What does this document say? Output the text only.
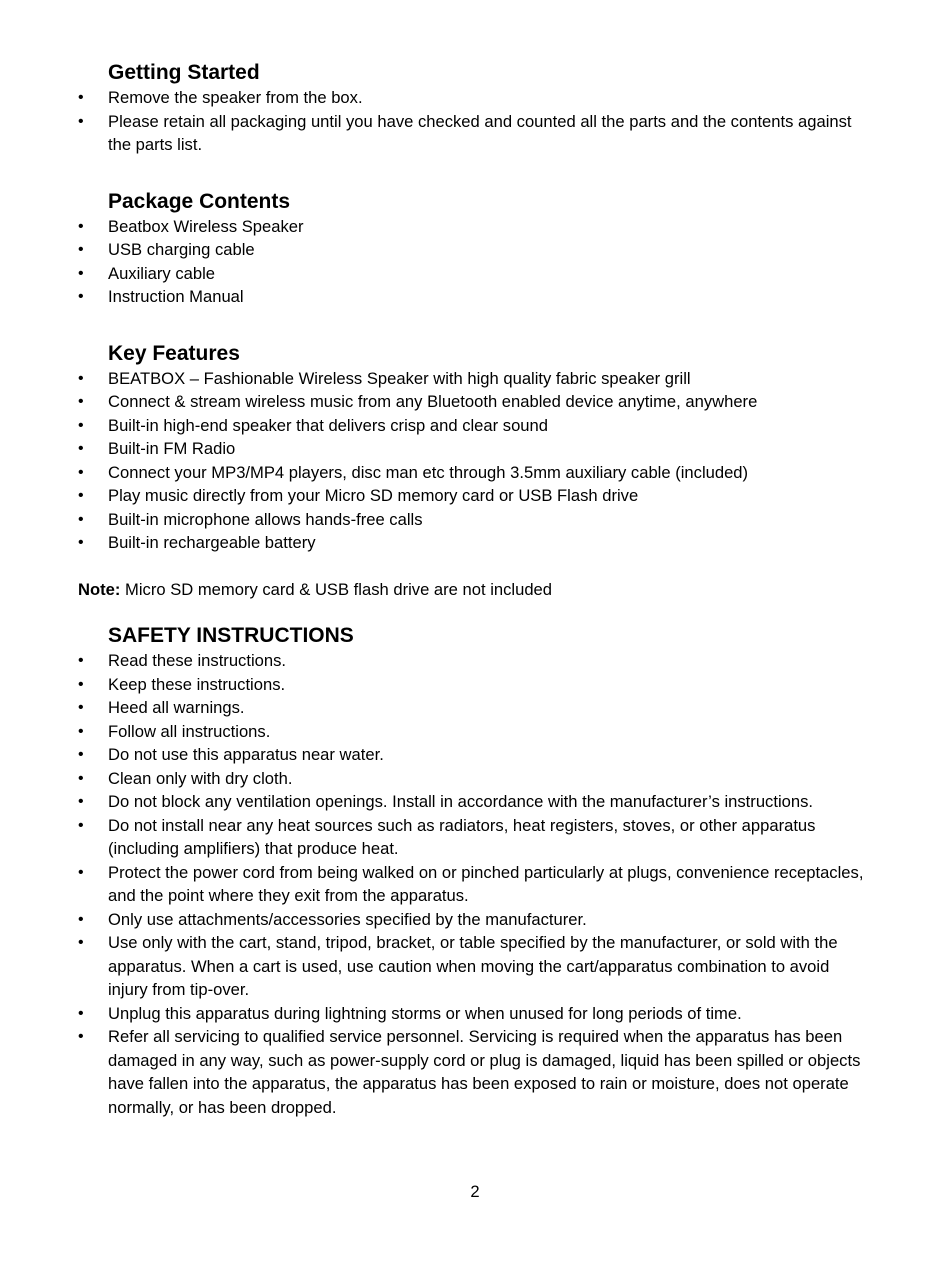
Getting Started
• Remove the speaker from the box.
• Please retain all packaging until you have checked and counted all the parts and the contents against the parts list.
Package Contents
• Beatbox Wireless Speaker
• USB charging cable
• Auxiliary cable
• Instruction Manual
Key Features
• BEATBOX – Fashionable Wireless Speaker with high quality fabric speaker grill
• Connect & stream wireless music from any Bluetooth enabled device anytime, anywhere
• Built-in high-end speaker that delivers crisp and clear sound
• Built-in FM Radio
• Connect your MP3/MP4 players, disc man etc through 3.5mm auxiliary cable (included)
• Play music directly from your Micro SD memory card or USB Flash drive
• Built-in microphone allows hands-free calls
• Built-in rechargeable battery

Note: Micro SD memory card & USB flash drive are not included

SAFETY INSTRUCTIONS
• Read these instructions.
• Keep these instructions.
• Heed all warnings.
• Follow all instructions.
• Do not use this apparatus near water.
• Clean only with dry cloth.
• Do not block any ventilation openings. Install in accordance with the manufacturer’s instructions.
• Do not install near any heat sources such as radiators, heat registers, stoves, or other apparatus (including amplifiers) that produce heat.
• Protect the power cord from being walked on or pinched particularly at plugs, convenience receptacles, and the point where they exit from the apparatus.
• Only use attachments/accessories specified by the manufacturer.
• Use only with the cart, stand, tripod, bracket, or table specified by the manufacturer, or sold with the apparatus. When a cart is used, use caution when moving the cart/apparatus combination to avoid injury from tip-over.
• Unplug this apparatus during lightning storms or when unused for long periods of time.
• Refer all servicing to qualified service personnel. Servicing is required when the apparatus has been damaged in any way, such as power-supply cord or plug is damaged, liquid has been spilled or objects have fallen into the apparatus, the apparatus has been exposed to rain or moisture, does not operate normally, or has been dropped.
2
